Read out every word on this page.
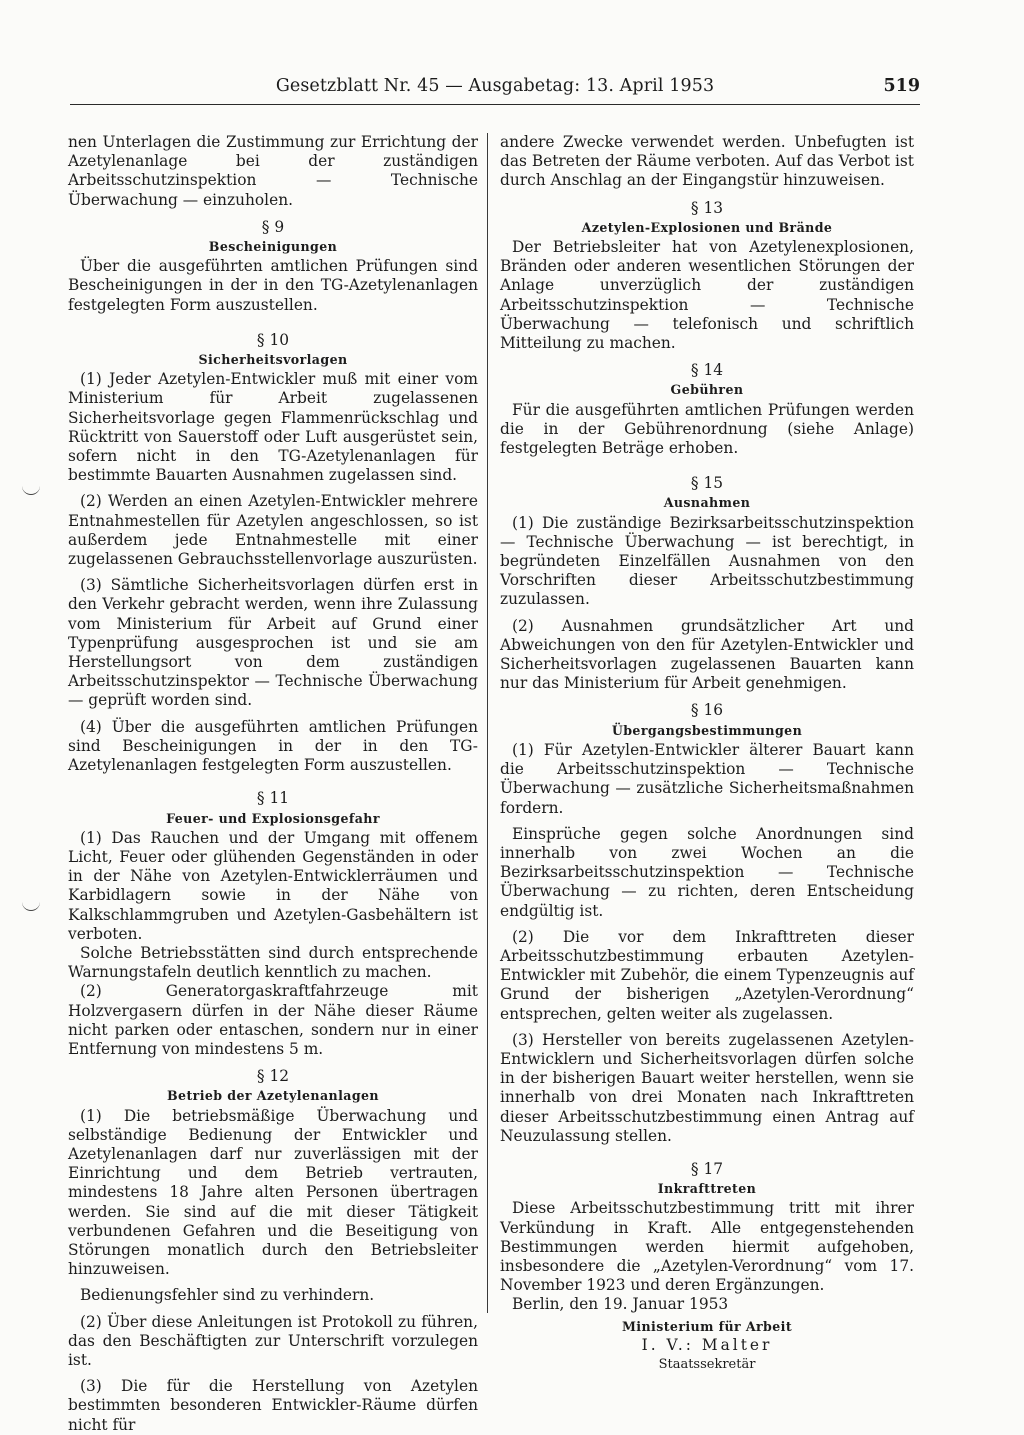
Gesetzblatt Nr. 45 — Ausgabetag: 13. April 1953	519

nen Unterlagen die Zustimmung zur Errichtung der Azetylenanlage bei der zuständigen Arbeitsschutzinspektion — Technische Überwachung — einzuholen.

§ 9
Bescheinigungen

Über die ausgeführten amtlichen Prüfungen sind Bescheinigungen in der in den TG-Azetylenanlagen festgelegten Form auszustellen.

§ 10
Sicherheitsvorlagen

(1) Jeder Azetylen-Entwickler muß mit einer vom Ministerium für Arbeit zugelassenen Sicherheitsvorlage gegen Flammenrückschlag und Rücktritt von Sauerstoff oder Luft ausgerüstet sein, sofern nicht in den TG-Azetylenanlagen für bestimmte Bauarten Ausnahmen zugelassen sind.

(2) Werden an einen Azetylen-Entwickler mehrere Entnahmestellen für Azetylen angeschlossen, so ist außerdem jede Entnahmestelle mit einer zugelassenen Gebrauchsstellenvorlage auszurüsten.

(3) Sämtliche Sicherheitsvorlagen dürfen erst in den Verkehr gebracht werden, wenn ihre Zulassung vom Ministerium für Arbeit auf Grund einer Typenprüfung ausgesprochen ist und sie am Herstellungsort von dem zuständigen Arbeitsschutzinspektor — Technische Überwachung — geprüft worden sind.

(4) Über die ausgeführten amtlichen Prüfungen sind Bescheinigungen in der in den TG-Azetylenanlagen festgelegten Form auszustellen.

§ 11
Feuer- und Explosionsgefahr

(1) Das Rauchen und der Umgang mit offenem Licht, Feuer oder glühenden Gegenständen in oder in der Nähe von Azetylen-Entwicklerräumen und Karbidlagern sowie in der Nähe von Kalkschlammgruben und Azetylen-Gasbehältern ist verboten.

Solche Betriebsstätten sind durch entsprechende Warnungstafeln deutlich kenntlich zu machen.

(2) Generatorgaskraftfahrzeuge mit Holzvergasern dürfen in der Nähe dieser Räume nicht parken oder entaschen, sondern nur in einer Entfernung von mindestens 5 m.

§ 12
Betrieb der Azetylenanlagen

(1) Die betriebsmäßige Überwachung und selbständige Bedienung der Entwickler und Azetylenanlagen darf nur zuverlässigen mit der Einrichtung und dem Betrieb vertrauten, mindestens 18 Jahre alten Personen übertragen werden. Sie sind auf die mit dieser Tätigkeit verbundenen Gefahren und die Beseitigung von Störungen monatlich durch den Betriebsleiter hinzuweisen.

Bedienungsfehler sind zu verhindern.

(2) Über diese Anleitungen ist Protokoll zu führen, das den Beschäftigten zur Unterschrift vorzulegen ist.

(3) Die für die Herstellung von Azetylen bestimmten besonderen Entwickler-Räume dürfen nicht für

andere Zwecke verwendet werden. Unbefugten ist das Betreten der Räume verboten. Auf das Verbot ist durch Anschlag an der Eingangstür hinzuweisen.

§ 13
Azetylen-Explosionen und Brände

Der Betriebsleiter hat von Azetylenexplosionen, Bränden oder anderen wesentlichen Störungen der Anlage unverzüglich der zuständigen Arbeitsschutzinspektion — Technische Überwachung — telefonisch und schriftlich Mitteilung zu machen.

§ 14
Gebühren

Für die ausgeführten amtlichen Prüfungen werden die in der Gebührenordnung (siehe Anlage) festgelegten Beträge erhoben.

§ 15
Ausnahmen

(1) Die zuständige Bezirksarbeitsschutzinspektion — Technische Überwachung — ist berechtigt, in begründeten Einzelfällen Ausnahmen von den Vorschriften dieser Arbeitsschutzbestimmung zuzulassen.

(2) Ausnahmen grundsätzlicher Art und Abweichungen von den für Azetylen-Entwickler und Sicherheitsvorlagen zugelassenen Bauarten kann nur das Ministerium für Arbeit genehmigen.

§ 16
Übergangsbestimmungen

(1) Für Azetylen-Entwickler älterer Bauart kann die Arbeitsschutzinspektion — Technische Überwachung — zusätzliche Sicherheitsmaßnahmen fordern.

Einsprüche gegen solche Anordnungen sind innerhalb von zwei Wochen an die Bezirksarbeitsschutzinspektion — Technische Überwachung — zu richten, deren Entscheidung endgültig ist.

(2) Die vor dem Inkrafttreten dieser Arbeitsschutzbestimmung erbauten Azetylen-Entwickler mit Zubehör, die einem Typenzeugnis auf Grund der bisherigen „Azetylen-Verordnung“ entsprechen, gelten weiter als zugelassen.

(3) Hersteller von bereits zugelassenen Azetylen-Entwicklern und Sicherheitsvorlagen dürfen solche in der bisherigen Bauart weiter herstellen, wenn sie innerhalb von drei Monaten nach Inkrafttreten dieser Arbeitsschutzbestimmung einen Antrag auf Neuzulassung stellen.

§ 17
Inkrafttreten

Diese Arbeitsschutzbestimmung tritt mit ihrer Verkündung in Kraft. Alle entgegenstehenden Bestimmungen werden hiermit aufgehoben, insbesondere die „Azetylen-Verordnung“ vom 17. November 1923 und deren Ergänzungen.

Berlin, den 19. Januar 1953

Ministerium für Arbeit
I. V.: Malter
Staatssekretär
